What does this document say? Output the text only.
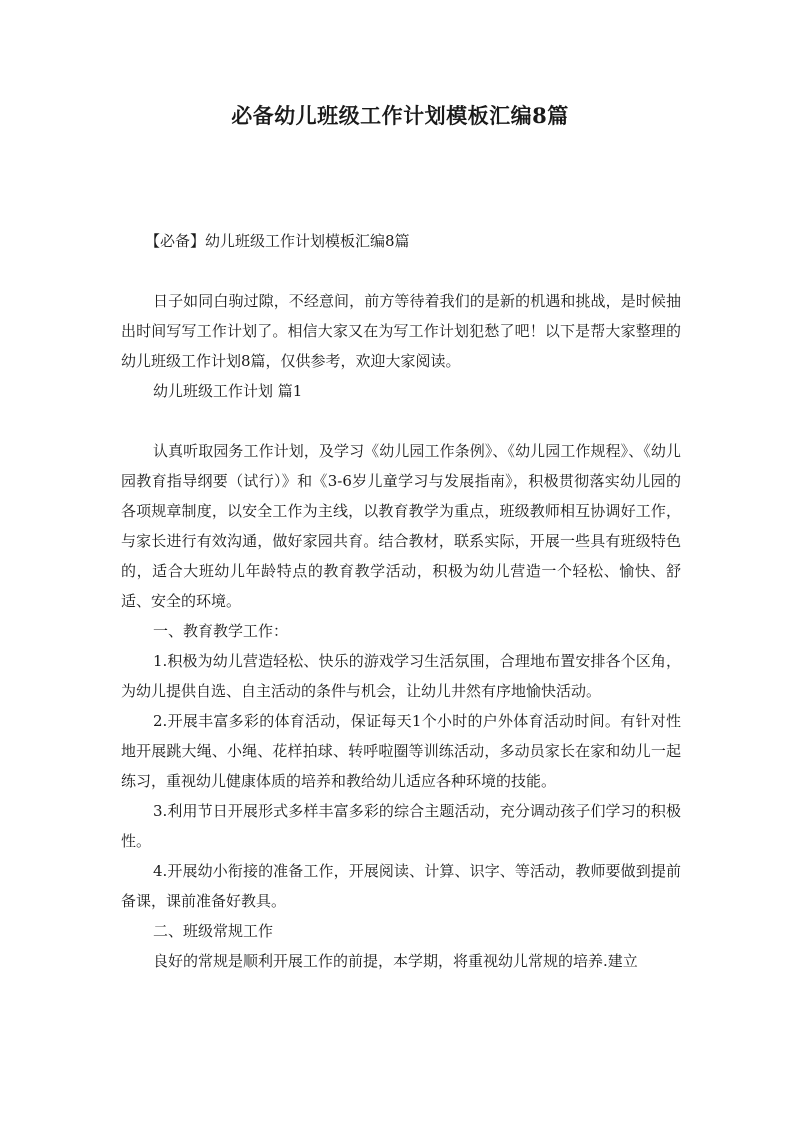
必备幼儿班级工作计划模板汇编8篇

【必备】幼儿班级工作计划模板汇编8篇

日子如同白驹过隙，不经意间，前方等待着我们的是新的机遇和挑战，是时候抽出时间写写工作计划了。相信大家又在为写工作计划犯愁了吧！以下是帮大家整理的幼儿班级工作计划8篇，仅供参考，欢迎大家阅读。

幼儿班级工作计划 篇1

认真听取园务工作计划，及学习《幼儿园工作条例》、《幼儿园工作规程》、《幼儿园教育指导纲要（试行）》和《3-6岁儿童学习与发展指南》，积极贯彻落实幼儿园的各项规章制度，以安全工作为主线，以教育教学为重点，班级教师相互协调好工作，与家长进行有效沟通，做好家园共育。结合教材，联系实际，开展一些具有班级特色的，适合大班幼儿年龄特点的教育教学活动，积极为幼儿营造一个轻松、愉快、舒适、安全的环境。

一、教育教学工作：

1.积极为幼儿营造轻松、快乐的游戏学习生活氛围，合理地布置安排各个区角，为幼儿提供自选、自主活动的条件与机会，让幼儿井然有序地愉快活动。

2.开展丰富多彩的体育活动，保证每天1个小时的户外体育活动时间。有针对性地开展跳大绳、小绳、花样拍球、转呼啦圈等训练活动，多动员家长在家和幼儿一起练习，重视幼儿健康体质的培养和教给幼儿适应各种环境的技能。

3.利用节日开展形式多样丰富多彩的综合主题活动，充分调动孩子们学习的积极性。

4.开展幼小衔接的准备工作，开展阅读、计算、识字、等活动，教师要做到提前备课，课前准备好教具。

二、班级常规工作

良好的常规是顺利开展工作的前提，本学期，将重视幼儿常规的培养.建立
